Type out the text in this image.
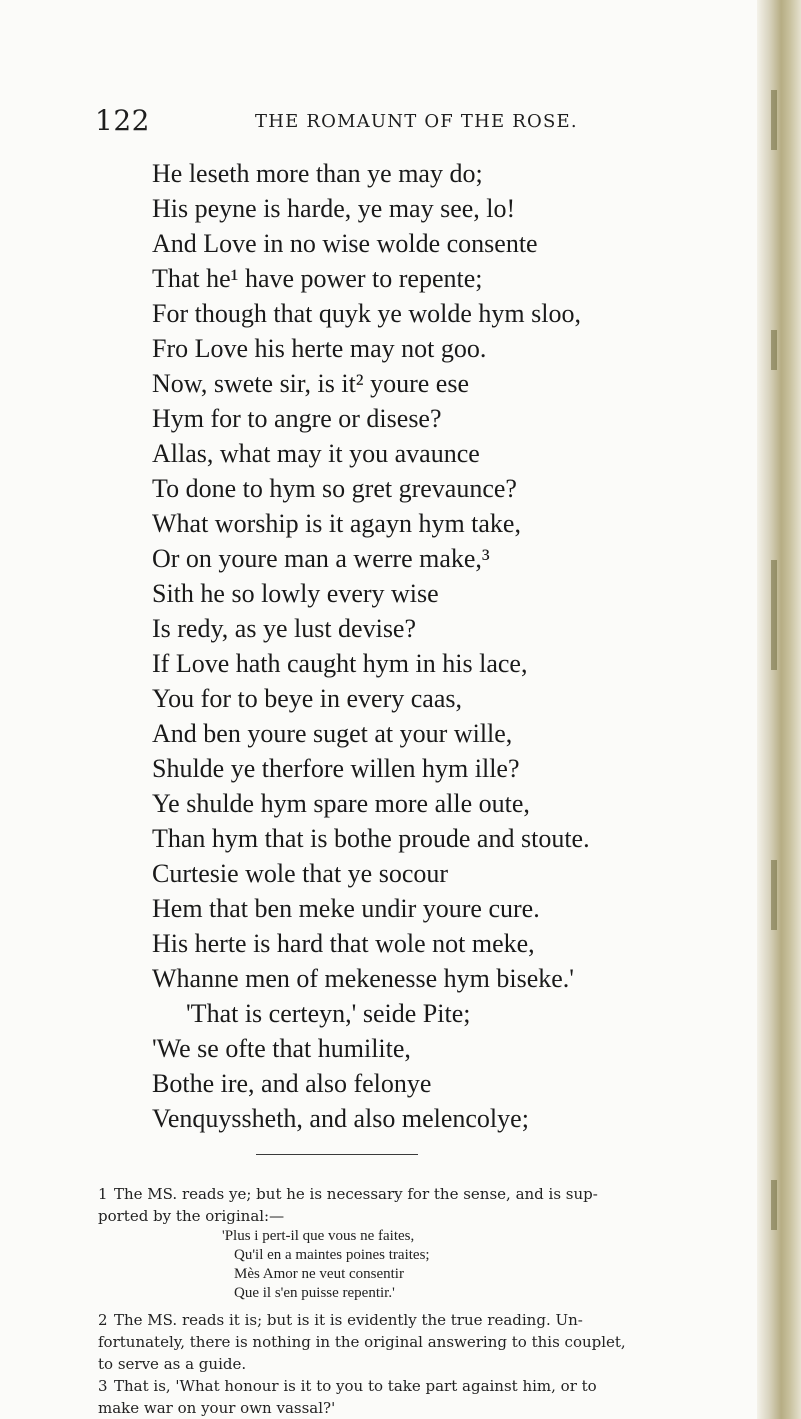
122	THE ROMAUNT OF THE ROSE.
He leseth more than ye may do;
His peyne is harde, ye may see, lo!
And Love in no wise wolde consente
That he¹ have power to repente;
For though that quyk ye wolde hym sloo,
Fro Love his herte may not goo.
Now, swete sir, is it² youre ese
Hym for to angre or disese?
Allas, what may it you avaunce
To done to hym so gret grevaunce?
What worship is it agayn hym take,
Or on youre man a werre make,³
Sith he so lowly every wise
Is redy, as ye lust devise?
If Love hath caught hym in his lace,
You for to beye in every caas,
And ben youre suget at your wille,
Shulde ye therfore willen hym ille?
Ye shulde hym spare more alle oute,
Than hym that is bothe proude and stoute.
Curtesie wole that ye socour
Hem that ben meke undir youre cure.
His herte is hard that wole not meke,
Whanne men of mekenesse hym biseke.'
'That is certeyn,' seide Pite;
'We se ofte that humilite,
Bothe ire, and also felonye
Venquyssheth, and also melencolye;
1 The MS. reads ye; but he is necessary for the sense, and is sup-
ported by the original:—
'Plus i pert-il que vous ne faites,
Qu'il en a maintes poines traites;
Mès Amor ne veut consentir
Que il s'en puisse repentir.'
2 The MS. reads it is; but is it is evidently the true reading. Un-
fortunately, there is nothing in the original answering to this couplet,
to serve as a guide.
3 That is, 'What honour is it to you to take part against him, or to
make war on your own vassal?'
